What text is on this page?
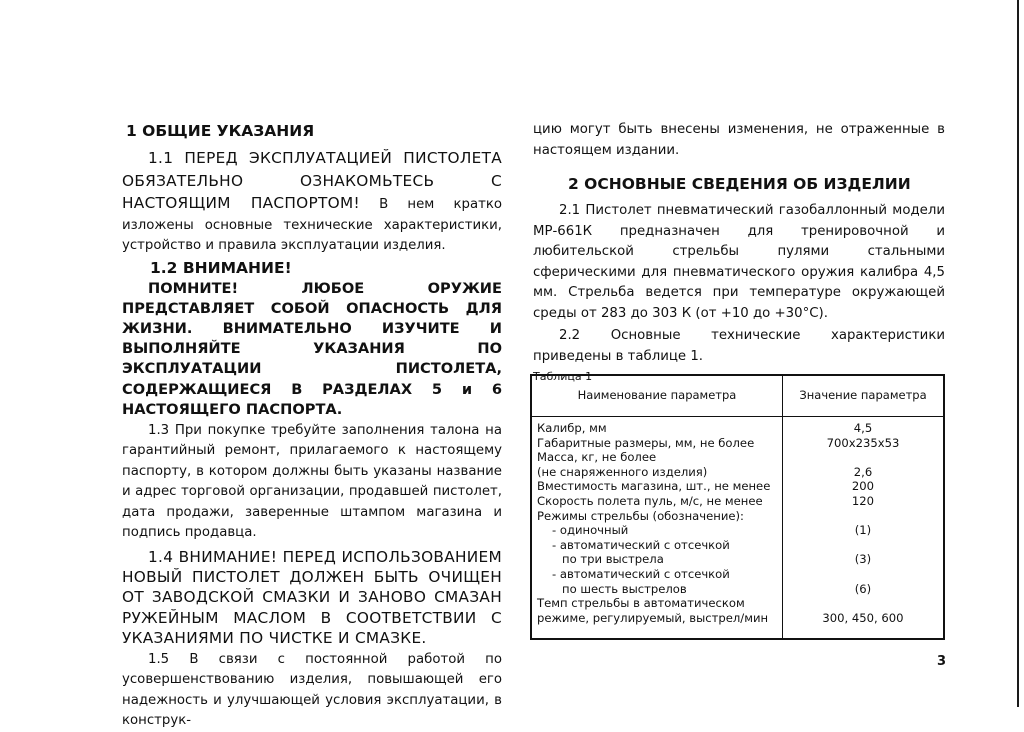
1 ОБЩИЕ УКАЗАНИЯ

1.1 ПЕРЕД ЭКСПЛУАТАЦИЕЙ ПИСТОЛЕТА ОБЯЗАТЕЛЬНО ОЗНАКОМЬТЕСЬ С НАСТОЯЩИМ ПАСПОРТОМ! В нем кратко изложены основные технические характеристики, устройство и правила эксплуатации изделия.

1.2 ВНИМАНИЕ!

ПОМНИТЕ! ЛЮБОЕ ОРУЖИЕ ПРЕДСТАВЛЯЕТ СОБОЙ ОПАСНОСТЬ ДЛЯ ЖИЗНИ. ВНИМАТЕЛЬНО ИЗУЧИТЕ И ВЫПОЛНЯЙТЕ УКАЗАНИЯ ПО ЭКСПЛУАТАЦИИ ПИСТОЛЕТА, СОДЕРЖАЩИЕСЯ В РАЗДЕЛАХ 5 и 6 НАСТОЯЩЕГО ПАСПОРТА.

1.3 При покупке требуйте заполнения талона на гарантийный ремонт, прилагаемого к настоящему паспорту, в котором должны быть указаны название и адрес торговой организации, продавшей пистолет, дата продажи, заверенные штампом магазина и подпись продавца.

1.4 ВНИМАНИЕ! ПЕРЕД ИСПОЛЬЗОВАНИЕМ НОВЫЙ ПИСТОЛЕТ ДОЛЖЕН БЫТЬ ОЧИЩЕН ОТ ЗАВОДСКОЙ СМАЗКИ И ЗАНОВО СМАЗАН РУЖЕЙНЫМ МАСЛОМ В СООТВЕТСТВИИ С УКАЗАНИЯМИ ПО ЧИСТКЕ И СМАЗКЕ.

1.5 В связи с постоянной работой по усовершенствованию изделия, повышающей его надежность и улучшающей условия эксплуатации, в конструк-

цию могут быть внесены изменения, не отраженные в настоящем издании.

2 ОСНОВНЫЕ СВЕДЕНИЯ ОБ ИЗДЕЛИИ

2.1 Пистолет пневматический газобаллонный модели МР-661К предназначен для тренировочной и любительской стрельбы пулями стальными сферическими для пневматического оружия калибра 4,5 мм. Стрельба ведется при температуре окружающей среды от 283 до 303 К (от +10 до +30°С).

2.2 Основные технические характеристики приведены в таблице 1.

Таблица 1

Наименование параметра	Значение параметра
Калибр, мм	4,5
Габаритные размеры, мм, не более	700x235x53
Масса, кг, не более
(не снаряженного изделия)	2,6
Вместимость магазина, шт., не менее	200
Скорость полета пуль, м/с, не менее	120
Режимы стрельбы (обозначение):
- одиночный	(1)
- автоматический с отсечкой
по три выстрела	(3)
- автоматический с отсечкой
по шесть выстрелов	(6)
Темп стрельбы в автоматическом
режиме, регулируемый, выстрел/мин	300, 450, 600
3
